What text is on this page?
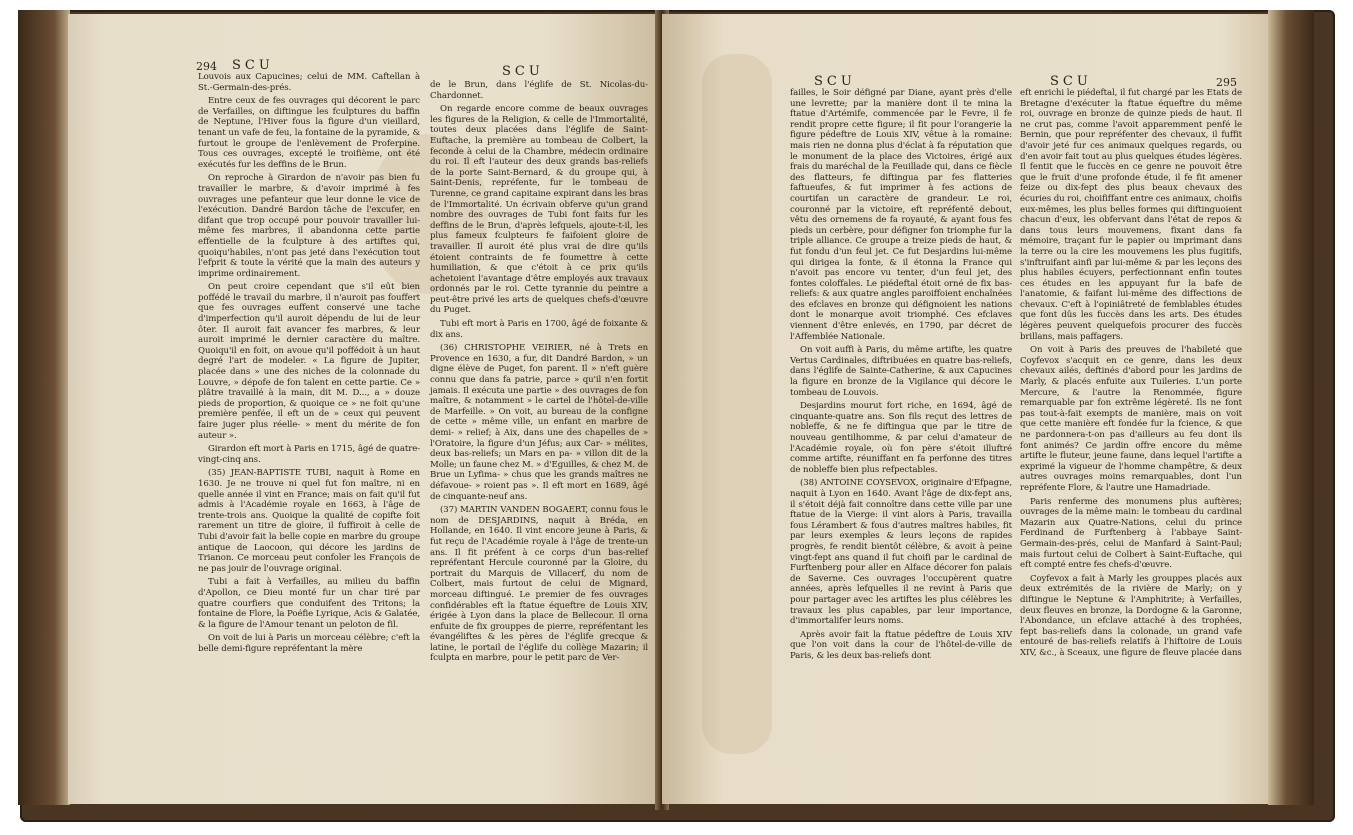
294 SCU	SCU

Louvois aux Capucines; celui de MM. Caftellan à St.-Germain-des-prés.

Entre ceux de fes ouvrages qui décorent le parc de Verfailles, on diftingue les fculptures du baffin de Neptune, l'Hiver fous la figure d'un vieillard, tenant un vafe de feu, la fontaine de la pyramide, & furtout le groupe de l'enlèvement de Proferpine. Tous ces ouvrages, excepté le troifième, ont été exécutés fur les deffins de le Brun.

On reproche à Girardon de n'avoir pas bien fu travailler le marbre, & d'avoir imprimé à fes ouvrages une pefanteur que leur donne le vice de l'exécution. Dandré Bardon tâche de l'excufer, en difant que trop occupé pour pouvoir travailler lui-même fes marbres, il abandonna cette partie effentielle de la fculpture à des artiftes qui, quoiqu'habiles, n'ont pas jeté dans l'exécution tout l'efprit & toute la vérité que la main des auteurs y imprime ordinairement.

On peut croire cependant que s'il eût bien poffédé le travail du marbre, il n'auroit pas fouffert que fes ouvrages euffent conservé une tache d'imperfection qu'il auroit dépendu de lui de leur ôter. Il auroit fait avancer fes marbres, & leur auroit imprimé le dernier caractère du maître. Quoiqu'il en foit, on avoue qu'il poffédoit à un haut degré l'art de modeler. « La figure de Jupiter, placée dans » une des niches de la colonnade du Louvre, » dépofe de fon talent en cette partie. Ce » plâtre travaillé à la main, dit M. D..., a » douze pieds de proportion, & quoique ce » ne foit qu'une première penfée, il eft un de » ceux qui peuvent faire juger plus réelle- » ment du mérite de fon auteur ».

Girardon eft mort à Paris en 1715, âgé de quatre-vingt-cinq ans.

(35) JEAN-BAPTISTE TUBI, naquit à Rome en 1630. Je ne trouve ni quel fut fon maître, ni en quelle année il vint en France; mais on fait qu'il fut admis à l'Académie royale en 1663, à l'âge de trente-trois ans. Quoique la qualité de copifte foit rarement un titre de gloire, il fuffiroit à celle de Tubi d'avoir fait la belle copie en marbre du groupe antique de Laocoon, qui décore les jardins de Trianon. Ce morceau peut confoler les François de ne pas jouir de l'ouvrage original.

Tubi a fait à Verfailles, au milieu du baffin d'Apollon, ce Dieu monté fur un char tiré par quatre courfiers que conduifent des Tritons; la fontaine de Flore, la Poéfie Lyrique, Acis & Galatée, & la figure de l'Amour tenant un peloton de fil.

On voit de lui à Paris un morceau célèbre; c'eft la belle demi-figure repréfentant la mère

de le Brun, dans l'églife de St. Nicolas-du-Chardonnet.

On regarde encore comme de beaux ouvrages les figures de la Religion, & celle de l'Immortalité, toutes deux placées dans l'églife de Saint-Euftache, la première au tombeau de Colbert, la feconde à celui de la Chambre, médecin ordinaire du roi. Il eft l'auteur des deux grands bas-reliefs de la porte Saint-Bernard, & du groupe qui, à Saint-Denis, repréfente, fur le tombeau de Turenne, ce grand capitaine expirant dans les bras de l'Immortalité. Un écrivain obferve qu'un grand nombre des ouvrages de Tubi font faits fur les deffins de le Brun, d'après lefquels, ajoute-t-il, les plus fameux fculpteurs fe faifoient gloire de travailler. Il auroit été plus vrai de dire qu'ils étoient contraints de fe foumettre à cette humiliation, & que c'étoit à ce prix qu'ils achetoient l'avantage d'être employés aux travaux ordonnés par le roi. Cette tyrannie du peintre a peut-être privé les arts de quelques chefs-d'œuvre du Puget.

Tubi eft mort à Paris en 1700, âgé de foixante & dix ans.

(36) CHRISTOPHE VEIRIER, né à Trets en Provence en 1630, a fur, dit Dandré Bardon, » un digne élève de Puget, fon parent. Il » n'eft guère connu que dans fa patrie, parce » qu'il n'en fortit jamais. Il exécuta une partie » des ouvrages de fon maître, & notamment » le cartel de l'hôtel-de-ville de Marfeille. » On voit, au bureau de la configne de cette » même ville, un enfant en marbre de demi- » relief; à Aix, dans une des chapelles de » l'Oratoire, la figure d'un Jéfus; aux Car- » mélites, deux bas-reliefs; un Mars en pa- » villon dit de la Molle; un faune chez M. » d'Eguilles, & chez M. de Brue un Lyfima- » chus que les grands maîtres ne défavoue- » roient pas ». Il eft mort en 1689, âgé de cinquante-neuf ans.

(37) MARTIN VANDEN BOGAERT, connu fous le nom de DESJARDINS, naquit à Bréda, en Hollande, en 1640. Il vint encore jeune à Paris, & fut reçu de l'Académie royale à l'âge de trente-un ans. Il fit préfent à ce corps d'un bas-relief repréfentant Hercule couronné par la Gloire, du portrait du Marquis de Villacerf, du nom de Colbert, mais furtout de celui de Mignard, morceau diftingué. Le premier de fes ouvrages confidérables eft la ftatue équeftre de Louis XIV, érigée à Lyon dans la place de Bellecour. Il orna enfuite de fix grouppes de pierre, repréfentant les évangéliftes & les pères de l'églife grecque & latine, le portail de l'églife du collège Mazarin; il fculpta en marbre, pour le petit parc de Ver-

SCU	SCU	295

failles, le Soir défigné par Diane, ayant près d'elle une levrette; par la manière dont il te mina la ftatue d'Artémife, commencée par le Fevre, il fe rendit propre cette figure; il fit pour l'orangerie la figure pédeftre de Louis XIV, vêtue à la romaine: mais rien ne donna plus d'éclat à fa réputation que le monument de la place des Victoires, érigé aux frais du maréchal de la Feuillade qui, dans ce fiècle des flatteurs, fe diftingua par fes flatteries faftueufes, & fut imprimer à fes actions de courtifan un caractère de grandeur. Le roi, couronné par la victoire, eft repréfenté debout, vêtu des ornemens de fa royauté, & ayant fous fes pieds un cerbère, pour défigner fon triomphe fur la triple alliance. Ce groupe a treize pieds de haut, & fut fondu d'un feul jet. Ce fut Desjardins lui-même qui dirigea la fonte, & il étonna la France qui n'avoit pas encore vu tenter, d'un feul jet, des fontes coloffales. Le piédeftal étoit orné de fix bas-reliefs: & aux quatre angles paroiffoient enchaînées des efclaves en bronze qui défignoient les nations dont le monarque avoit triomphé. Ces efclaves viennent d'être enlevés, en 1790, par décret de l'Affemblée Nationale.

On voit auffi à Paris, du même artifte, les quatre Vertus Cardinales, diftribuées en quatre bas-reliefs, dans l'églife de Sainte-Catherine, & aux Capucines la figure en bronze de la Vigilance qui décore le tombeau de Louvois.

Desjardins mourut fort riche, en 1694, âgé de cinquante-quatre ans. Son fils reçut des lettres de nobleffe, & ne fe diftingua que par le titre de nouveau gentilhomme, & par celui d'amateur de l'Académie royale, où fon père s'étoit illuftré comme artifte, réuniffant en fa perfonne des titres de nobleffe bien plus refpectables.

(38) ANTOINE COYSEVOX, originaire d'Efpagne, naquit à Lyon en 1640. Avant l'âge de dix-fept ans, il s'étoit déjà fait connoître dans cette ville par une ftatue de la Vierge: il vint alors à Paris, travailla fous Lérambert & fous d'autres maîtres habiles, fit par leurs exemples & leurs leçons de rapides progrès, fe rendit bientôt célèbre, & avoit à peine vingt-fept ans quand il fut choifi par le cardinal de Furftenberg pour aller en Alface décorer fon palais de Saverne. Ces ouvrages l'occupèrent quatre années, après lefquelles il ne revint à Paris que pour partager avec les artiftes les plus célèbres les travaux les plus capables, par leur importance, d'immortalifer leurs noms.

Après avoir fait la ftatue pédeftre de Louis XIV que l'on voit dans la cour de l'hôtel-de-ville de Paris, & les deux bas-reliefs dont

eft enrichi le piédeftal, il fut chargé par les Etats de Bretagne d'exécuter la ftatue équeftre du même roi, ouvrage en bronze de quinze pieds de haut. Il ne crut pas, comme l'avoit apparemment penfé le Bernin, que pour repréfenter des chevaux, il fuffit d'avoir jeté fur ces animaux quelques regards, ou d'en avoir fait tout au plus quelques études légères. Il fentit que le fuccès en ce genre ne pouvoit être que le fruit d'une profonde étude, il fe fit amener feize ou dix-fept des plus beaux chevaux des écuries du roi, choififfant entre ces animaux, choifis eux-mêmes, les plus belles formes qui diftinguoient chacun d'eux, les obfervant dans l'état de repos & dans tous leurs mouvemens, fixant dans fa mémoire, traçant fur le papier ou imprimant dans la terre ou la cire les mouvemens les plus fugitifs, s'inftruifant ainfi par lui-même & par les leçons des plus habiles écuyers, perfectionnant enfin toutes ces études en les appuyant fur la bafe de l'anatomie, & faifant lui-même des diffections de chevaux. C'eft à l'opiniâtreté de femblables études que font dûs les fuccès dans les arts. Des études légères peuvent quelquefois procurer des fuccès brillans, mais paffagers.

On voit à Paris des preuves de l'habileté que Coyfevox s'acquit en ce genre, dans les deux chevaux ailés, deftinés d'abord pour les jardins de Marly, & placés enfuite aux Tuileries. L'un porte Mercure, & l'autre la Renommée, figure remarquable par fon extrême légèreté. Ils ne font pas tout-à-fait exempts de manière, mais on voit que cette manière eft fondée fur la fcience, & que ne pardonnera-t-on pas d'ailleurs au feu dont ils font animés? Ce jardin offre encore du même artifte le fluteur, jeune faune, dans lequel l'artifte a exprimé la vigueur de l'homme champêtre, & deux autres ouvrages moins remarquables, dont l'un repréfente Flore, & l'autre une Hamadriade.

Paris renferme des monumens plus auftères; ouvrages de la même main: le tombeau du cardinal Mazarin aux Quatre-Nations, celui du prince Ferdinand de Furftenberg à l'abbaye Saint-Germain-des-prés, celui de Manfard à Saint-Paul; mais furtout celui de Colbert à Saint-Euftache, qui eft compté entre fes chefs-d'œuvre.

Coyfevox a fait à Marly les grouppes placés aux deux extrémités de la rivière de Marly; on y diftingue le Neptune & l'Amphitrite; à Verfailles, deux fleuves en bronze, la Dordogne & la Garonne, l'Abondance, un efclave attaché à des trophées, fept bas-reliefs dans la colonade, un grand vafe entouré de bas-reliefs relatifs à l'hiftoire de Louis XIV, &c., à Sceaux, une figure de fleuve placée dans
